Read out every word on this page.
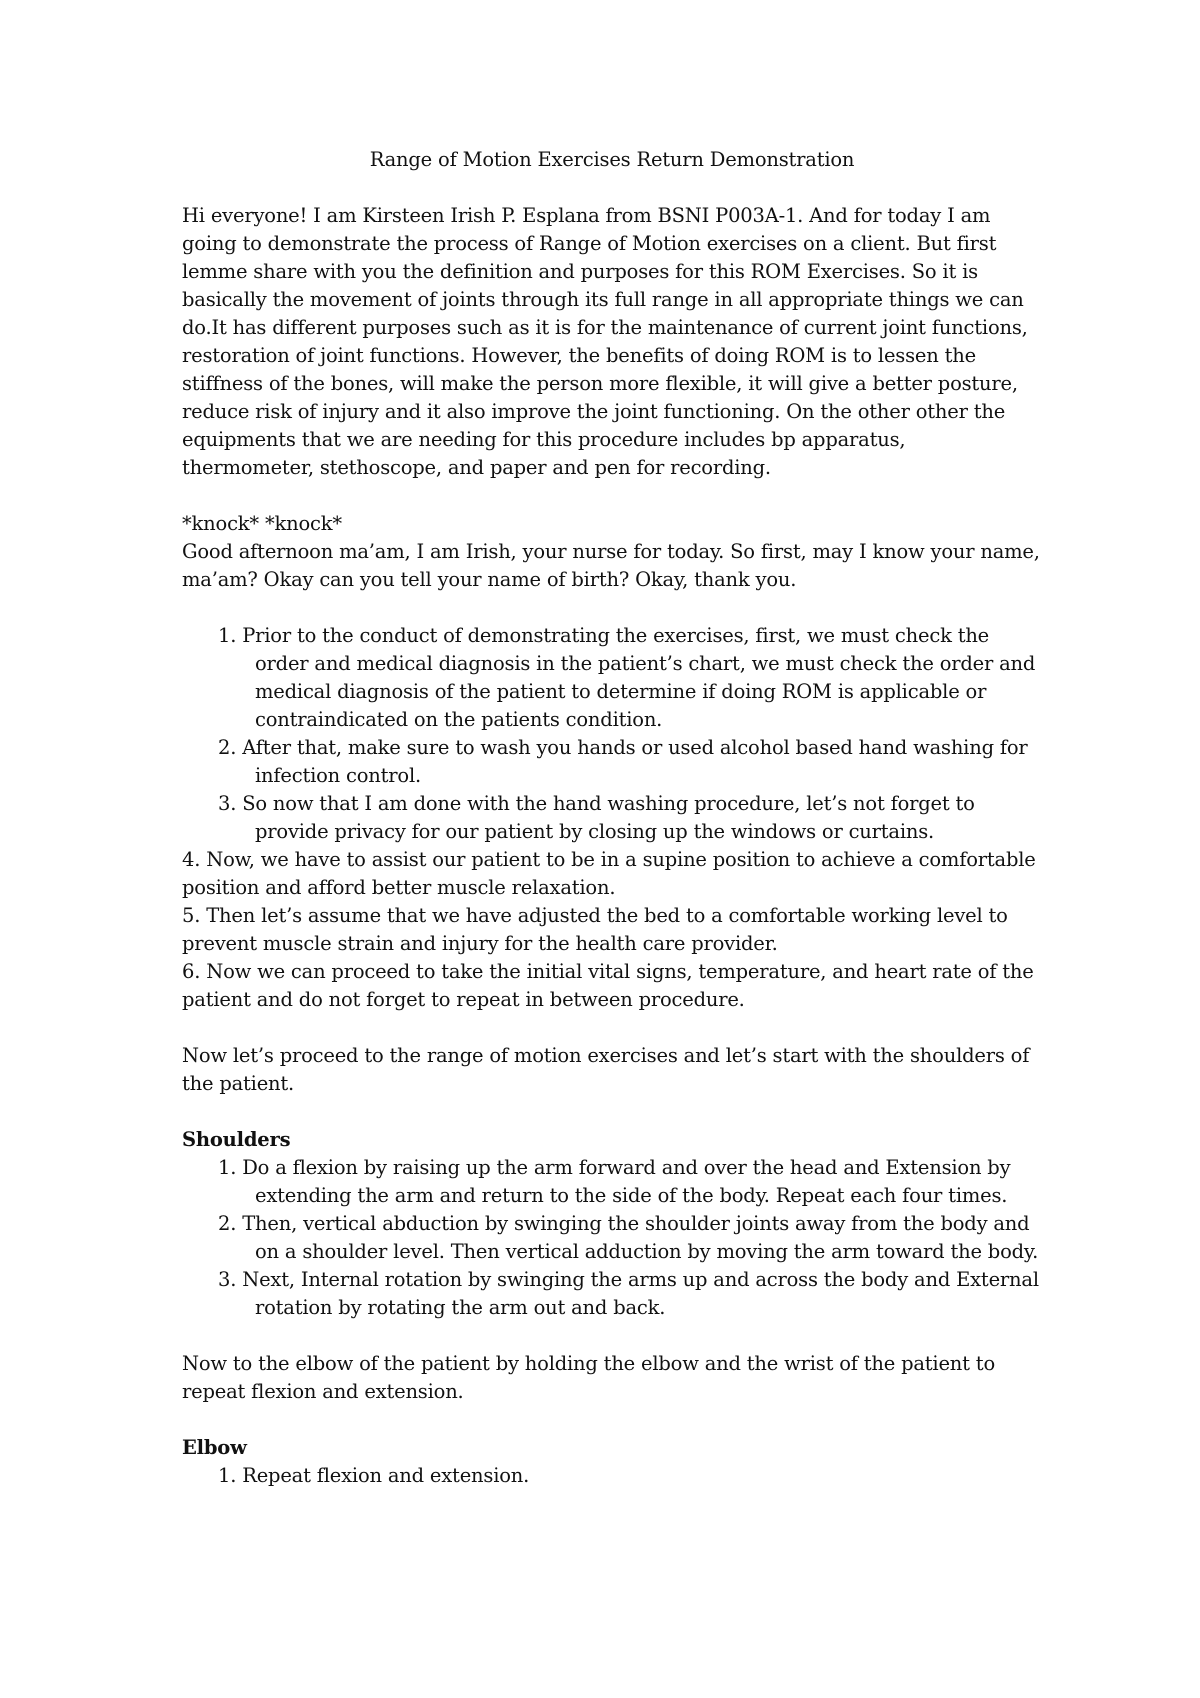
Range of Motion Exercises Return Demonstration

Hi everyone! I am Kirsteen Irish P. Esplana from BSNI P003A-1. And for today I am going to demonstrate the process of Range of Motion exercises on a client. But first lemme share with you the definition and purposes for this ROM Exercises. So it is basically the movement of joints through its full range in all appropriate things we can do.It has different purposes such as it is for the maintenance of current joint functions, restoration of joint functions. However, the benefits of doing ROM is to lessen the stiffness of the bones, will make the person more flexible, it will give a better posture, reduce risk of injury and it also improve the joint functioning. On the other other the equipments that we are needing for this procedure includes bp apparatus, thermometer, stethoscope, and paper and pen for recording.

*knock* *knock*

Good afternoon ma’am, I am Irish, your nurse for today. So first, may I know your name, ma’am? Okay can you tell your name of birth? Okay, thank you.

1. Prior to the conduct of demonstrating the exercises, first, we must check the order and medical diagnosis in the patient’s chart, we must check the order and medical diagnosis of the patient to determine if doing ROM is applicable or contraindicated on the patients condition.
2. After that, make sure to wash you hands or used alcohol based hand washing for infection control.
3. So now that I am done with the hand washing procedure, let’s not forget to provide privacy for our patient by closing up the windows or curtains.
4. Now, we have to assist our patient to be in a supine position to achieve a comfortable position and afford better muscle relaxation.
5. Then let’s assume that we have adjusted the bed to a comfortable working level to prevent muscle strain and injury for the health care provider.
6. Now we can proceed to take the initial vital signs, temperature, and heart rate of the patient and do not forget to repeat in between procedure.

Now let’s proceed to the range of motion exercises and let’s start with the shoulders of the patient.

Shoulders
1. Do a flexion by raising up the arm forward and over the head and Extension by extending the arm and return to the side of the body. Repeat each four times.
2. Then, vertical abduction by swinging the shoulder joints away from the body and on a shoulder level. Then vertical adduction by moving the arm toward the body.
3. Next, Internal rotation by swinging the arms up and across the body and External rotation by rotating the arm out and back.

Now to the elbow of the patient by holding the elbow and the wrist of the patient to repeat flexion and extension.

Elbow
1. Repeat flexion and extension.
